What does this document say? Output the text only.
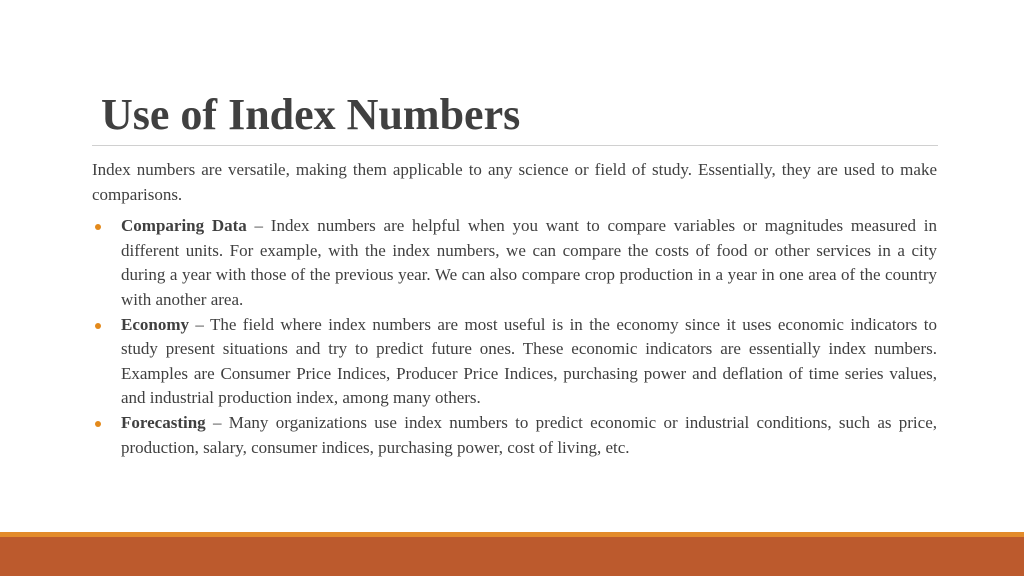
Use of Index Numbers

Index numbers are versatile, making them applicable to any science or field of study. Essentially, they are used to make comparisons.

Comparing Data – Index numbers are helpful when you want to compare variables or magnitudes measured in different units. For example, with the index numbers, we can compare the costs of food or other services in a city during a year with those of the previous year. We can also compare crop production in a year in one area of the country with another area.
Economy – The field where index numbers are most useful is in the economy since it uses economic indicators to study present situations and try to predict future ones. These economic indicators are essentially index numbers. Examples are Consumer Price Indices, Producer Price Indices, purchasing power and deflation of time series values, and industrial production index, among many others.
Forecasting – Many organizations use index numbers to predict economic or industrial conditions, such as price, production, salary, consumer indices, purchasing power, cost of living, etc.
